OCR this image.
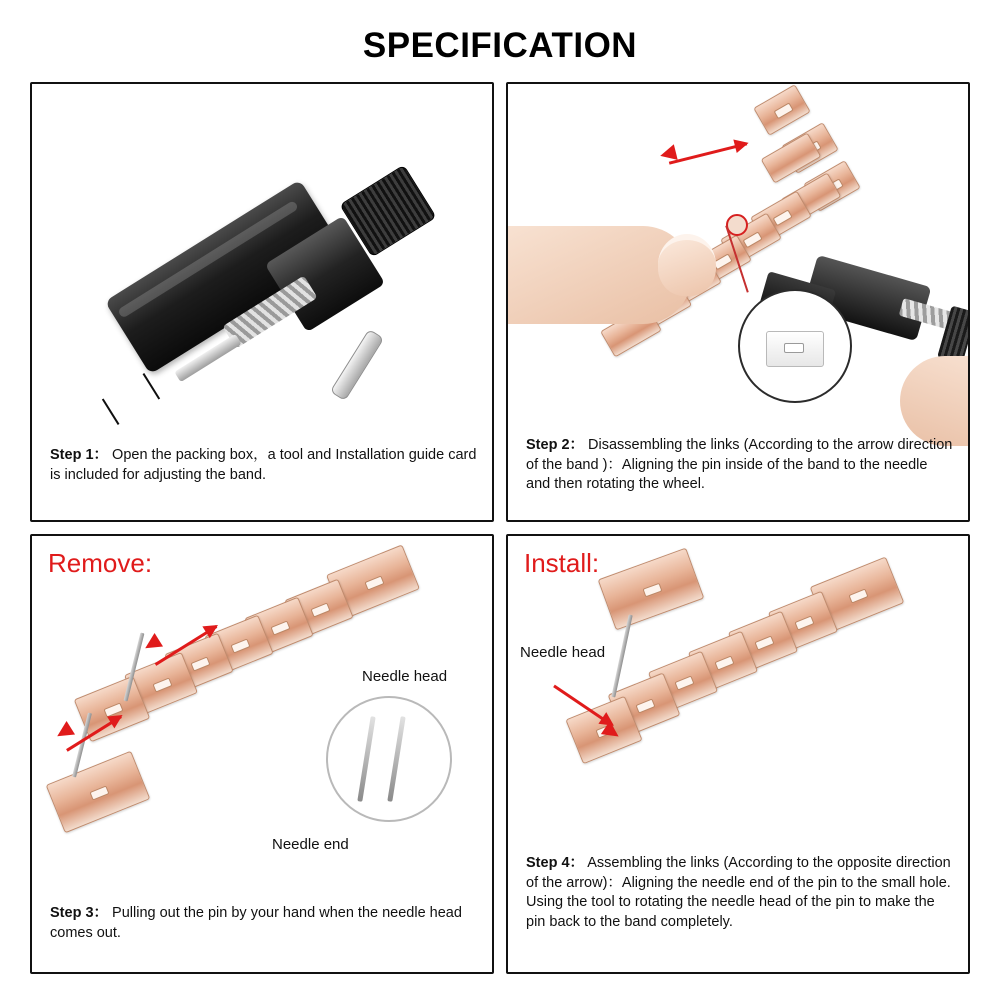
SPECIFICATION
Step 1： Open the packing box，a tool and Installation guide card is included for adjusting the band.
Step 2： Disassembling the links (According to the arrow direction of the band )：Aligning the pin inside of the band to the needle and then rotating the wheel.
Remove:
Needle head
Needle end
Step 3： Pulling out the pin by your hand when the needle head comes out.
Install:
Needle head
Step 4： Assembling the links (According to the opposite direction of the arrow)：Aligning the needle end of the pin to the small hole. Using the tool to rotating the needle head of the pin to make the pin back to the band completely.
